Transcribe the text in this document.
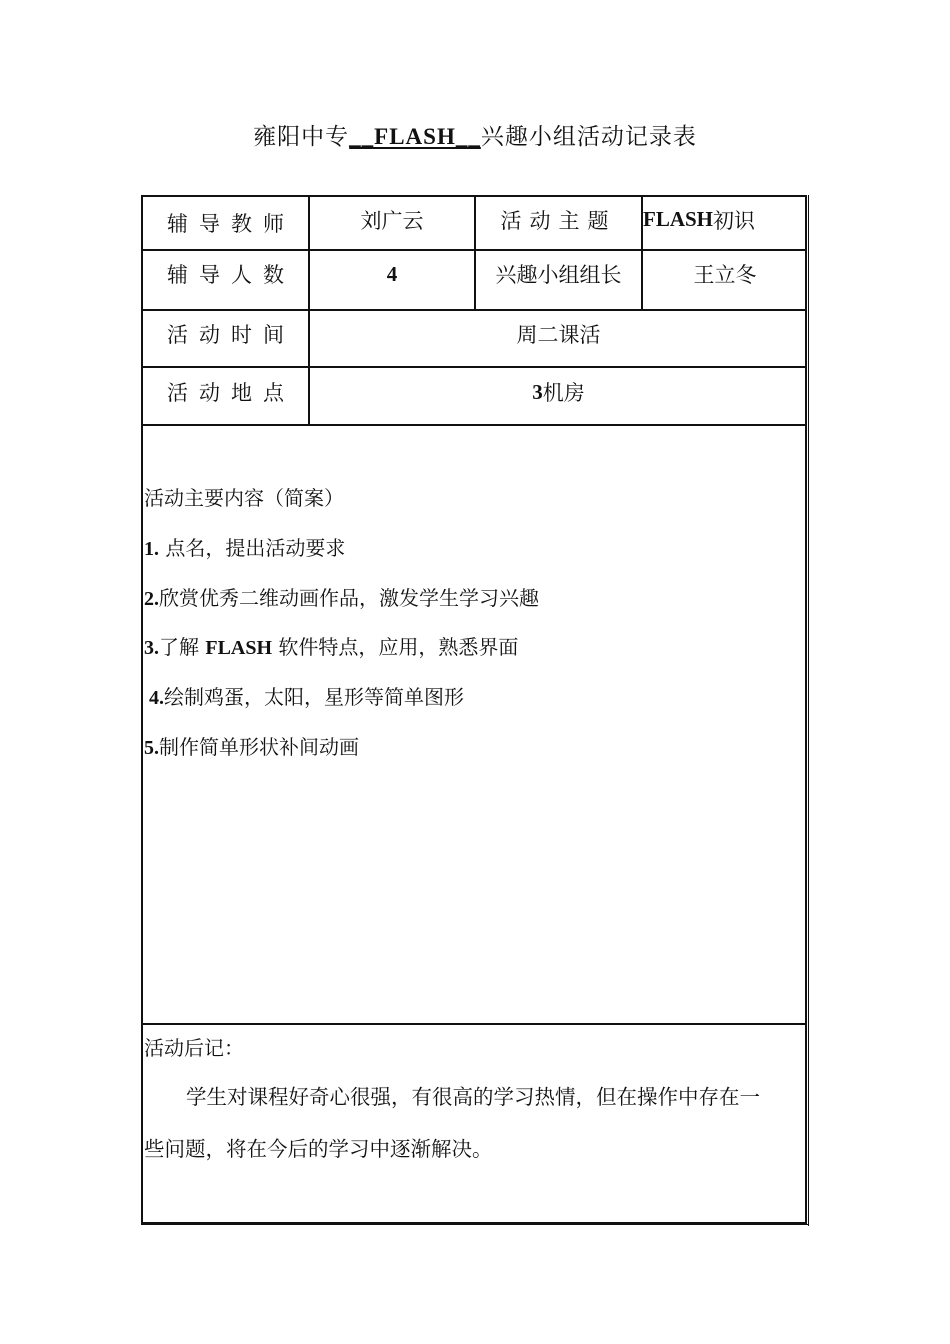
雍阳中专__FLASH__兴趣小组活动记录表
辅导教师	刘广云	活动主题	FLASH 初识
辅导人数	4	兴趣小组组长	王立冬
活动时间	周二课活
活动地点	3 机房
活动主要内容（简案）
1. 点名，提出活动要求
2.欣赏优秀二维动画作品，激发学生学习兴趣
3.了解 FLASH 软件特点，应用，熟悉界面
4.绘制鸡蛋，太阳，星形等简单图形
5.制作简单形状补间动画
活动后记：
学生对课程好奇心很强，有很高的学习热情，但在操作中存在一
些问题，将在今后的学习中逐渐解决。
